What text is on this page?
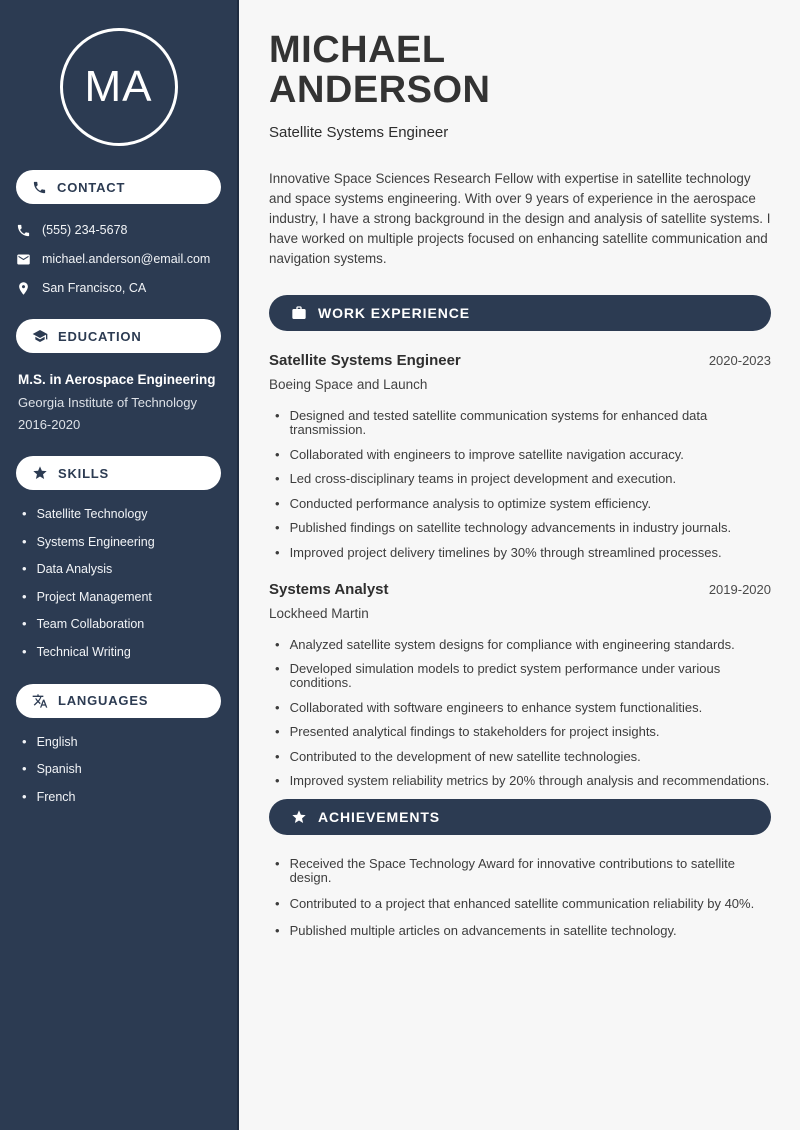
MA
CONTACT
(555) 234-5678
michael.anderson@email.com
San Francisco, CA
EDUCATION
M.S. in Aerospace Engineering
Georgia Institute of Technology
2016-2020
SKILLS
• Satellite Technology
• Systems Engineering
• Data Analysis
• Project Management
• Team Collaboration
• Technical Writing
LANGUAGES
• English
• Spanish
• French
MICHAEL
ANDERSON
Satellite Systems Engineer

Innovative Space Sciences Research Fellow with expertise in satellite technology and space systems engineering. With over 9 years of experience in the aerospace industry, I have a strong background in the design and analysis of satellite systems. I have worked on multiple projects focused on enhancing satellite communication and navigation systems.

WORK EXPERIENCE
Satellite Systems Engineer	2020-2023
Boeing Space and Launch
• Designed and tested satellite communication systems for enhanced data transmission.
• Collaborated with engineers to improve satellite navigation accuracy.
• Led cross-disciplinary teams in project development and execution.
• Conducted performance analysis to optimize system efficiency.
• Published findings on satellite technology advancements in industry journals.
• Improved project delivery timelines by 30% through streamlined processes.
Systems Analyst	2019-2020
Lockheed Martin
• Analyzed satellite system designs for compliance with engineering standards.
• Developed simulation models to predict system performance under various conditions.
• Collaborated with software engineers to enhance system functionalities.
• Presented analytical findings to stakeholders for project insights.
• Contributed to the development of new satellite technologies.
• Improved system reliability metrics by 20% through analysis and recommendations.
ACHIEVEMENTS
• Received the Space Technology Award for innovative contributions to satellite design.
• Contributed to a project that enhanced satellite communication reliability by 40%.
• Published multiple articles on advancements in satellite technology.
